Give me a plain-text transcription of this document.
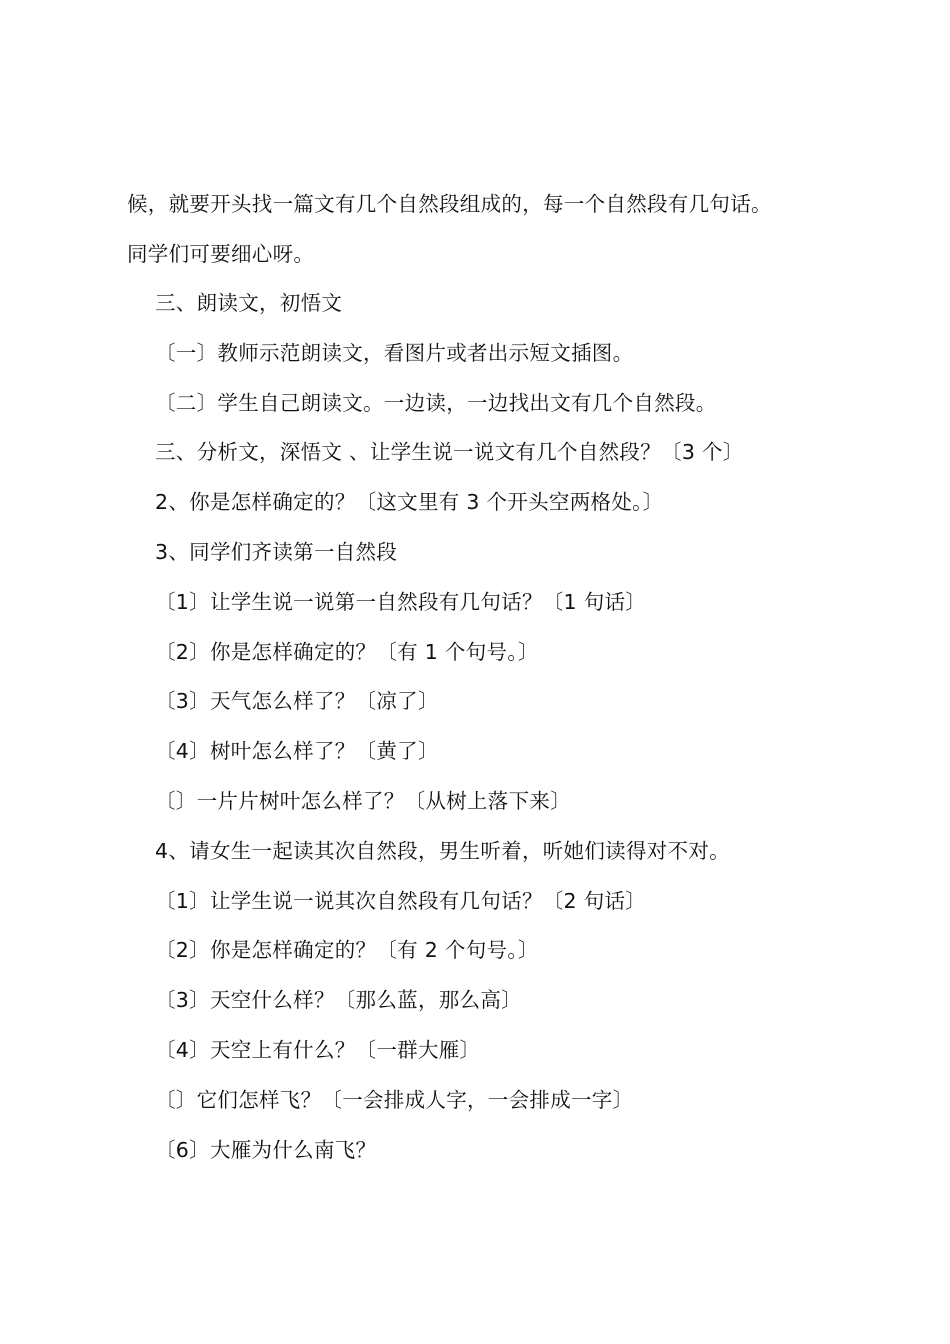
候，就要开头找一篇文有几个自然段组成的，每一个自然段有几句话。
同学们可要细心呀。
三、朗读文，初悟文
〔一〕教师示范朗读文，看图片或者出示短文插图。
〔二〕学生自己朗读文。一边读，一边找出文有几个自然段。
三、分析文，深悟文 、让学生说一说文有几个自然段？〔3 个〕
2、你是怎样确定的？〔这文里有 3 个开头空两格处。〕
3、同学们齐读第一自然段
〔1〕让学生说一说第一自然段有几句话？〔1 句话〕
〔2〕你是怎样确定的？〔有 1 个句号。〕
〔3〕天气怎么样了？〔凉了〕
〔4〕树叶怎么样了？〔黄了〕
〔〕一片片树叶怎么样了？〔从树上落下来〕
4、请女生一起读其次自然段，男生听着，听她们读得对不对。
〔1〕让学生说一说其次自然段有几句话？〔2 句话〕
〔2〕你是怎样确定的？〔有 2 个句号。〕
〔3〕天空什么样？〔那么蓝，那么高〕
〔4〕天空上有什么？〔一群大雁〕
〔〕它们怎样飞？〔一会排成人字，一会排成一字〕
〔6〕大雁为什么南飞？
